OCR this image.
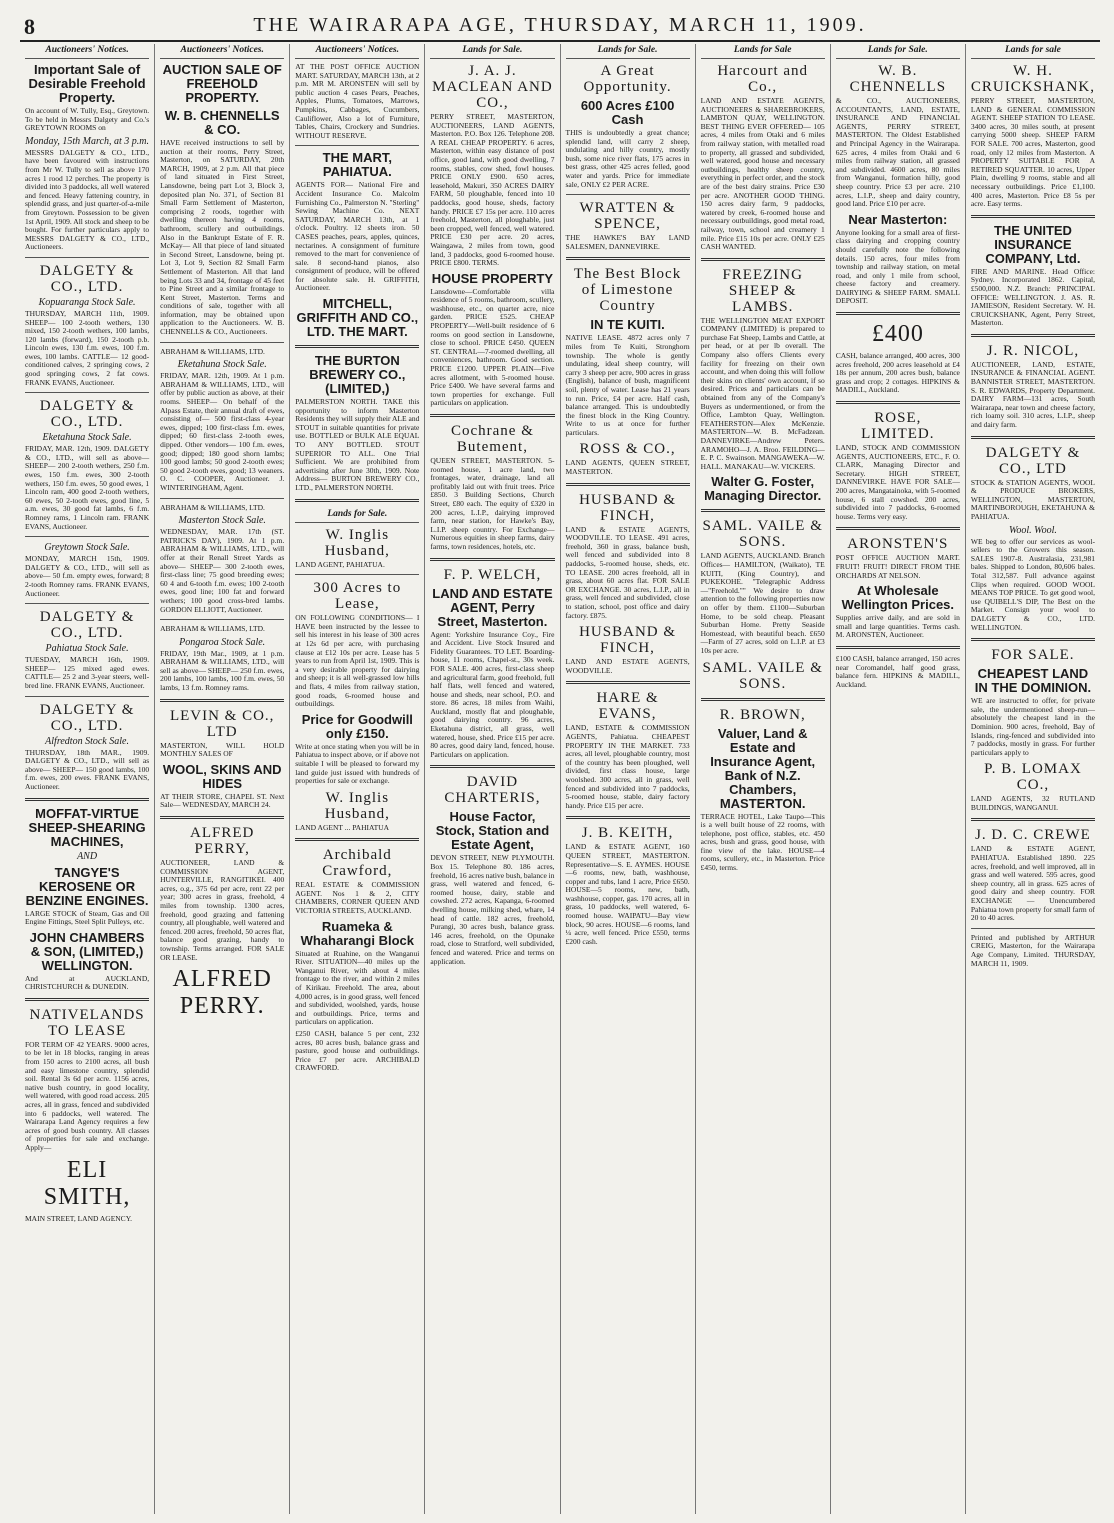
8	THE WAIRARAPA AGE, THURSDAY, MARCH 11, 1909.
Auctioneers' Notices.
Important Sale of Desirable Freehold Property.
On account of W. Tully, Esq., Greytown. To be held in Messrs Dalgety and Co.'s GREYTOWN ROOMS on
Monday, 15th March, at 3 p.m.
MESSRS DALGETY & CO., LTD., have been favoured with instructions from Mr W. Tully to sell as above 170 acres 1 rood 12 perches. The property is divided into 3 paddocks, all well watered and fenced. Heavy fattening country, in splendid grass, and just quarter-of-a-mile from Greytown. Possession to be given 1st April, 1909. All stock and sheep to be bought. For further particulars apply to MESSRS DALGETY & CO., LTD., Auctioneers.
DALGETY & CO., LTD.
Kopuaranga Stock Sale.
THURSDAY, MARCH 11th, 1909. SHEEP— 100 2-tooth wethers, 130 mixed, 150 2-tooth wethers, 100 lambs, 120 lambs (forward), 150 2-tooth p.b. Lincoln ewes, 130 f.m. ewes, 100 f.m. ewes, 100 lambs. CATTLE— 12 good-conditioned calves, 2 springing cows, 2 good springing cows, 2 fat cows. FRANK EVANS, Auctioneer.
DALGETY & CO., LTD.
Eketahuna Stock Sale.
FRIDAY, MAR. 12th, 1909. DALGETY & CO., LTD., will sell as above— SHEEP— 200 2-tooth wethers, 250 f.m. ewes, 150 f.m. ewes, 300 2-tooth wethers, 150 f.m. ewes, 50 good ewes, 1 Lincoln ram, 400 good 2-tooth wethers, 60 ewes, 50 2-tooth ewes, good line, 5 a.m. ewes, 30 good fat lambs, 6 f.m. Romney rams, 1 Lincoln ram. FRANK EVANS, Auctioneer.
Greytown Stock Sale.
MONDAY, MARCH 15th, 1909. DALGETY & CO., LTD., will sell as above— 50 f.m. empty ewes, forward; 8 2-tooth Romney rams. FRANK EVANS, Auctioneer.
DALGETY & CO., LTD.
Pahiatua Stock Sale.
TUESDAY, MARCH 16th, 1909. SHEEP— 125 mixed aged ewes. CATTLE— 25 2 and 3-year steers, well-bred line. FRANK EVANS, Auctioneer.
DALGETY & CO., LTD.
Alfredton Stock Sale.
THURSDAY, 18th MAR., 1909. DALGETY & CO., LTD., will sell as above— SHEEP— 150 good lambs, 100 f.m. ewes, 200 ewes. FRANK EVANS, Auctioneer.
MOFFAT-VIRTUE SHEEP-SHEARING MACHINES,
AND
TANGYE'S KEROSENE OR BENZINE ENGINES.
LARGE STOCK of Steam, Gas and Oil Engine Fittings, Steel Split Pulleys, etc.
JOHN CHAMBERS & SON, (LIMITED,) WELLINGTON.
And at AUCKLAND, CHRISTCHURCH & DUNEDIN.
NATIVELANDS TO LEASE
FOR TERM OF 42 YEARS. 9000 acres, to be let in 18 blocks, ranging in areas from 150 acres to 2100 acres, all bush and easy limestone country, splendid soil. Rental 3s 6d per acre. 1156 acres, native bush country, in good locality, well watered, with good road access. 205 acres, all in grass, fenced and subdivided into 6 paddocks, well watered. The Wairarapa Land Agency requires a few acres of good bush country. All classes of properties for sale and exchange. Apply—
ELI SMITH,
MAIN STREET, LAND AGENCY.
Auctioneers' Notices.
AUCTION SALE OF FREEHOLD PROPERTY.
W. B. CHENNELLS & CO.
HAVE received instructions to sell by auction at their rooms, Perry Street, Masterton, on SATURDAY, 20th MARCH, 1909, at 2 p.m. All that piece of land situated in First Street, Lansdowne, being part Lot 3, Block 3, deposited plan No. 371, of Section 81 Small Farm Settlement of Masterton, comprising 2 roods, together with dwelling thereon having 4 rooms, bathroom, scullery and outbuildings. Also in the Bankrupt Estate of F. R. McKay— All that piece of land situated in Second Street, Lansdowne, being pt. Lot 3, Lot 9, Section 82 Small Farm Settlement of Masterton. All that land being Lots 33 and 34, frontage of 45 feet to Pine Street and a similar frontage to Kent Street, Masterton. Terms and conditions of sale, together with all information, may be obtained upon application to the Auctioneers. W. B. CHENNELLS & CO., Auctioneers.
ABRAHAM & WILLIAMS, LTD.
Eketahuna Stock Sale.
FRIDAY, MAR. 12th, 1909. At 1 p.m. ABRAHAM & WILLIAMS, LTD., will offer by public auction as above, at their rooms. SHEEP— On behalf of the Alpass Estate, their annual draft of ewes, consisting of— 500 first-class 4-year ewes, dipped; 100 first-class f.m. ewes, dipped; 60 first-class 2-tooth ewes, dipped. Other vendors— 100 f.m. ewes, good; dipped; 180 good shorn lambs; 100 good lambs; 50 good 2-tooth ewes; 50 good 2-tooth ewes, good; 13 weaners. O. C. COOPER, Auctioneer. J. WINTERINGHAM, Agent.
ABRAHAM & WILLIAMS, LTD.
Masterton Stock Sale.
WEDNESDAY, MAR. 17th (ST. PATRICK'S DAY), 1909. At 1 p.m. ABRAHAM & WILLIAMS, LTD., will offer at their Renall Street Yards as above— SHEEP— 300 2-tooth ewes, first-class line; 75 good breeding ewes; 60 4 and 6-tooth f.m. ewes; 100 2-tooth ewes, good line; 100 fat and forward wethers; 100 good cross-bred lambs. GORDON ELLIOTT, Auctioneer.
ABRAHAM & WILLIAMS, LTD.
Pongaroa Stock Sale.
FRIDAY, 19th Mar., 1909, at 1 p.m. ABRAHAM & WILLIAMS, LTD., will sell as above— SHEEP— 250 f.m. ewes, 200 lambs, 100 lambs, 100 f.m. ewes, 50 lambs, 13 f.m. Romney rams.
LEVIN & CO., LTD
MASTERTON, WILL HOLD MONTHLY SALES OF
WOOL, SKINS AND HIDES
AT THEIR STORE, CHAPEL ST. Next Sale— WEDNESDAY, MARCH 24.
ALFRED PERRY,
AUCTIONEER, LAND & COMMISSION AGENT, HUNTERVILLE, RANGITIKEI. 400 acres, o.g., 375 6d per acre, rent 22 per year; 300 acres in grass, freehold, 4 miles from township. 1300 acres, freehold, good grazing and fattening country, all ploughable, well watered and fenced. 200 acres, freehold, 50 acres flat, balance good grazing, handy to township. Terms arranged. FOR SALE OR LEASE.
ALFRED PERRY.
Auctioneers' Notices.
AT THE POST OFFICE AUCTION MART. SATURDAY, MARCH 13th, at 2 p.m. MR M. ARONSTEN will sell by public auction 4 cases Pears, Peaches, Apples, Plums, Tomatoes, Marrows, Pumpkins, Cabbages, Cucumbers, Cauliflower, Also a lot of Furniture, Tables, Chairs, Crockery and Sundries. WITHOUT RESERVE.
THE MART, PAHIATUA.
AGENTS FOR— National Fire and Accident Insurance Co. Malcolm Furnishing Co., Palmerston N. "Sterling" Sewing Machine Co. NEXT SATURDAY, MARCH 13th, at 1 o'clock. Poultry. 12 sheets iron. 50 CASES peaches, pears, apples, quinces, nectarines. A consignment of furniture removed to the mart for convenience of sale. 8 second-hand pianos, also consignment of produce, will be offered for absolute sale. H. GRIFFITH, Auctioneer.
MITCHELL, GRIFFITH AND CO., LTD. THE MART.
THE BURTON BREWERY CO., (LIMITED,)
PALMERSTON NORTH. TAKE this opportunity to inform Masterton Residents they will supply their ALE and STOUT in suitable quantities for private use. BOTTLED or BULK ALE EQUAL TO ANY BOTTLED. STOUT SUPERIOR TO ALL. One Trial Sufficient. We are prohibited from advertising after June 30th, 1909. Note Address— BURTON BREWERY CO., LTD., PALMERSTON NORTH.
Lands for Sale.
W. Inglis Husband,
LAND AGENT, PAHIATUA.
300 Acres to Lease,
ON FOLLOWING CONDITIONS— I HAVE been instructed by the lessee to sell his interest in his lease of 300 acres at 12s 6d per acre, with purchasing clause at £12 10s per acre. Lease has 5 years to run from April 1st, 1909. This is a very desirable property for dairying and sheep; it is all well-grassed low hills and flats, 4 miles from railway station, good roads, 6-roomed house and outbuildings.
Price for Goodwill only £150.
Write at once stating when you will be in Pahiatua to inspect above, or if above not suitable I will be pleased to forward my land guide just issued with hundreds of properties for sale or exchange.
W. Inglis Husband,
LAND AGENT ... PAHIATUA
Archibald Crawford,
REAL ESTATE & COMMISSION AGENT. Nos 1 & 2, CITY CHAMBERS, CORNER QUEEN AND VICTORIA STREETS, AUCKLAND.
Ruameka & Whaharangi Block
Situated at Ruahine, on the Wanganui River. SITUATION—40 miles up the Wanganui River, with about 4 miles frontage to the river, and within 2 miles of Kirikau. Freehold. The area, about 4,000 acres, is in good grass, well fenced and subdivided, woolshed, yards, house and outbuildings. Price, terms and particulars on application.
£250 CASH, balance 5 per cent, 232 acres, 80 acres bush, balance grass and pasture, good house and outbuildings. Price £7 per acre. ARCHIBALD CRAWFORD.
Lands for Sale.
J. A. J. MACLEAN AND CO.,
PERRY STREET, MASTERTON, AUCTIONEERS, LAND AGENTS, Masterton. P.O. Box 126. Telephone 208. A REAL CHEAP PROPERTY. 6 acres, Masterton, within easy distance of post office, good land, with good dwelling, 7 rooms, stables, cow shed, fowl houses. PRICE ONLY £900. 650 acres, leasehold, Makuri, 350 ACRES DAIRY FARM, 50 ploughable, fenced into 10 paddocks, good house, sheds, factory handy. PRICE £7 15s per acre. 110 acres freehold, Masterton, all ploughable, just been cropped, well fenced, well watered. PRICE £30 per acre. 20 acres, Waingawa, 2 miles from town, good land, 3 paddocks, good 6-roomed house. PRICE £800. TERMS.
HOUSE PROPERTY
Lansdowne—Comfortable villa residence of 5 rooms, bathroom, scullery, washhouse, etc., on quarter acre, nice garden. PRICE £525. CHEAP PROPERTY—Well-built residence of 6 rooms on good section in Lansdowne, close to school. PRICE £450. QUEEN ST. CENTRAL—7-roomed dwelling, all conveniences, bathroom. Good section. PRICE £1200. UPPER PLAIN—Five acres allotment, with 5-roomed house. Price £400. We have several farms and town properties for exchange. Full particulars on application.
Cochrane & Butement,
QUEEN STREET, MASTERTON. 5-roomed house, 1 acre land, two frontages, water, drainage, land all profitably laid out with fruit trees. Price £850. 3 Building Sections, Church Street, £80 each. The equity of £320 in 200 acres, L.I.P., dairying improved farm, near station, for Hawke's Bay, L.I.P. sheep country. For Exchange—Numerous equities in sheep farms, dairy farms, town residences, hotels, etc.
F. P. WELCH,
LAND AND ESTATE AGENT, Perry Street, Masterton.
Agent: Yorkshire Insurance Coy., Fire and Accident. Live Stock Insured and Fidelity Guarantees. TO LET. Boarding-house, 11 rooms, Chapel-st., 30s week. FOR SALE. 400 acres, first-class sheep and agricultural farm, good freehold, full half flats, well fenced and watered, house and sheds, near school, P.O. and store. 86 acres, 18 miles from Waihi, Auckland, mostly flat and ploughable, good dairying country. 96 acres, Eketahuna district, all grass, well watered, house, shed. Price £15 per acre. 80 acres, good dairy land, fenced, house. Particulars on application.
DAVID CHARTERIS,
House Factor, Stock, Station and Estate Agent,
DEVON STREET, NEW PLYMOUTH. Box 15. Telephone 80. 186 acres, freehold, 16 acres native bush, balance in grass, well watered and fenced, 6-roomed house, dairy, stable and cowshed. 272 acres, Kapanga, 6-roomed dwelling house, milking shed, whare, 14 head of cattle. 182 acres, freehold, Purangi, 30 acres bush, balance grass. 146 acres, freehold, on the Opunake road, close to Stratford, well subdivided, fenced and watered. Price and terms on application.
Lands for Sale.
A Great Opportunity.
600 Acres £100 Cash
THIS is undoubtedly a great chance; splendid land, will carry 2 sheep, undulating and hilly country, mostly bush, some nice river flats, 175 acres in best grass, other 425 acres felled, good water and yards. Price for immediate sale, ONLY £2 PER ACRE.
WRATTEN & SPENCE,
THE HAWKE'S BAY LAND SALESMEN, DANNEVIRKE.
The Best Block of Limestone Country
IN TE KUITI.
NATIVE LEASE. 4872 acres only 7 miles from Te Kuiti, Stronghorn township. The whole is gently undulating, ideal sheep country, will carry 3 sheep per acre, 900 acres in grass (English), balance of bush, magnificent soil, plenty of water. Lease has 21 years to run. Price, £4 per acre. Half cash, balance arranged. This is undoubtedly the finest block in the King Country. Write to us at once for further particulars.
ROSS & CO.,
LAND AGENTS, QUEEN STREET, MASTERTON.
HUSBAND & FINCH,
LAND & ESTATE AGENTS, WOODVILLE. TO LEASE. 491 acres, freehold, 360 in grass, balance bush, well fenced and subdivided into 8 paddocks, 5-roomed house, sheds, etc. TO LEASE. 200 acres freehold, all in grass, about 60 acres flat. FOR SALE OR EXCHANGE. 30 acres, L.I.P., all in grass, well fenced and subdivided, close to station, school, post office and dairy factory. £875.
HUSBAND & FINCH,
LAND AND ESTATE AGENTS, WOODVILLE.
HARE & EVANS,
LAND, ESTATE & COMMISSION AGENTS, Pahiatua. CHEAPEST PROPERTY IN THE MARKET. 733 acres, all level, ploughable country, most of the country has been ploughed, well divided, first class house, large woolshed. 300 acres, all in grass, well fenced and subdivided into 7 paddocks, 5-roomed house, stable, dairy factory handy. Price £15 per acre.
J. B. KEITH,
LAND & ESTATE AGENT, 160 QUEEN STREET, MASTERTON. Representative—S. E. AYMES. HOUSE—6 rooms, new, bath, washhouse, copper and tubs, land 1 acre, Price £650. HOUSE—5 rooms, new, bath, washhouse, copper, gas. 170 acres, all in grass, 10 paddocks, well watered, 6-roomed house. WAIPATU—Bay view block, 90 acres. HOUSE—6 rooms, land ¼ acre, well fenced. Price £550, terms £200 cash.
Lands for Sale
Harcourt and Co.,
LAND AND ESTATE AGENTS, AUCTIONEERS & SHAREBROKERS, LAMBTON QUAY, WELLINGTON. BEST THING EVER OFFERED— 105 acres, 4 miles from Otaki and 6 miles from railway station, with metalled road to property, all grassed and subdivided, well watered, good house and necessary outbuildings, healthy sheep country, everything in perfect order, and the stock are of the best dairy strains. Price £30 per acre. ANOTHER GOOD THING. 150 acres dairy farm, 9 paddocks, watered by creek, 6-roomed house and necessary outbuildings, good metal road, railway, town, school and creamery 1 mile. Price £15 10s per acre. ONLY £25 CASH WANTED.
FREEZING SHEEP & LAMBS.
THE WELLINGTON MEAT EXPORT COMPANY (LIMITED) is prepared to purchase Fat Sheep, Lambs and Cattle, at per head, or at per lb overall. The Company also offers Clients every facility for freezing on their own account, and when doing this will follow their skins on clients' own account, if so desired. Prices and particulars can be obtained from any of the Company's Buyers as undermentioned, or from the Office, Lambton Quay, Wellington. FEATHERSTON—Alex McKenzie. MASTERTON—W. B. McFadzean. DANNEVIRKE—Andrew Peters. ARAMOHO—J. A. Broo. FEILDING—E. P. C. Swainson. MANGAWEKA—W. HALL. MANAKAU—W. VICKERS.
Walter G. Foster, Managing Director.
SAML. VAILE & SONS.
LAND AGENTS, AUCKLAND. Branch Offices— HAMILTON, (Waikato), TE KUITI, (King Country), and PUKEKOHE. "Telegraphic Address—"Freehold."" We desire to draw attention to the following properties now on offer by them. £1100—Suburban Home, to be sold cheap. Pleasant Suburban Home. Pretty Seaside Homestead, with beautiful beach. £650—Farm of 27 acres, sold on L.I.P. at £3 10s per acre.
SAML. VAILE & SONS.
R. BROWN,
Valuer, Land & Estate and Insurance Agent, Bank of N.Z. Chambers, MASTERTON.
TERRACE HOTEL, Lake Taupo—This is a well built house of 22 rooms, with telephone, post office, stables, etc. 450 acres, bush and grass, good house, with fine view of the lake. HOUSE—4 rooms, scullery, etc., in Masterton. Price £450, terms.
Lands for Sale.
W. B. CHENNELLS
& CO., AUCTIONEERS, ACCOUNTANTS, LAND, ESTATE, INSURANCE AND FINANCIAL AGENTS, PERRY STREET, MASTERTON. The Oldest Established and Principal Agency in the Wairarapa. 625 acres, 4 miles from Otaki and 6 miles from railway station, all grassed and subdivided. 4600 acres, 80 miles from Wanganui, formation hilly, good sheep country. Price £3 per acre. 210 acres, L.I.P., sheep and dairy country, good land. Price £10 per acre.
Near Masterton:
Anyone looking for a small area of first-class dairying and cropping country should carefully note the following details. 150 acres, four miles from township and railway station, on metal road, and only 1 mile from school, cheese factory and creamery. DAIRYING & SHEEP FARM. SMALL DEPOSIT.
£400
CASH, balance arranged, 400 acres, 300 acres freehold, 200 acres leasehold at £4 18s per annum, 200 acres bush, balance grass and crop; 2 cottages. HIPKINS & MADILL, Auckland.
ROSE, LIMITED.
LAND, STOCK AND COMMISSION AGENTS, AUCTIONEERS, ETC., F. O. CLARK, Managing Director and Secretary. HIGH STREET, DANNEVIRKE. HAVE FOR SALE— 200 acres, Mangatainoka, with 5-roomed house, 6 stall cowshed. 200 acres, subdivided into 7 paddocks, 6-roomed house. Terms very easy.
ARONSTEN'S
POST OFFICE AUCTION MART. FRUIT! FRUIT! DIRECT FROM THE ORCHARDS AT NELSON.
At Wholesale Wellington Prices.
Supplies arrive daily, and are sold in small and large quantities. Terms cash. M. ARONSTEN, Auctioneer.
£100 CASH, balance arranged, 150 acres near Coromandel, half good grass, balance fern. HIPKINS & MADILL, Auckland.
Lands for sale
W. H. CRUICKSHANK,
PERRY STREET, MASTERTON, LAND & GENERAL COMMISSION AGENT. SHEEP STATION TO LEASE. 3400 acres, 30 miles south, at present carrying 5000 sheep. SHEEP FARM FOR SALE. 700 acres, Masterton, good road, only 12 miles from Masterton. A PROPERTY SUITABLE FOR A RETIRED SQUATTER. 10 acres, Upper Plain, dwelling 9 rooms, stable and all necessary outbuildings. Price £1,100. 400 acres, Masterton. Price £8 5s per acre. Easy terms.
THE UNITED INSURANCE COMPANY, Ltd.
FIRE AND MARINE. Head Office: Sydney. Incorporated 1862. Capital, £500,000. N.Z. Branch: PRINCIPAL OFFICE: WELLINGTON. J. AS. R. JAMIESON, Resident Secretary. W. H. CRUICKSHANK, Agent, Perry Street, Masterton.
J. R. NICOL,
AUCTIONEER, LAND, ESTATE, INSURANCE & FINANCIAL AGENT. BANNISTER STREET, MASTERTON. S. R. EDWARDS, Property Department. DAIRY FARM—131 acres, South Wairarapa, near town and cheese factory, rich loamy soil. 310 acres, L.I.P., sheep and dairy farm.
DALGETY & CO., LTD
STOCK & STATION AGENTS, WOOL & PRODUCE BROKERS, WELLINGTON, MASTERTON, MARTINBOROUGH, EKETAHUNA & PAHIATUA.
Wool. Wool.
WE beg to offer our services as wool-sellers to the Growers this season. SALES 1907-8. Australasia, 231,981 bales. Shipped to London, 80,606 bales. Total 312,587. Full advance against Clips when required. GOOD WOOL MEANS TOP PRICE. To get good wool, use QUIBELL'S DIP, The Best on the Market. Consign your wool to DALGETY & CO., LTD. WELLINGTON.
FOR SALE.
CHEAPEST LAND IN THE DOMINION.
WE are instructed to offer, for private sale, the undermentioned sheep-run—absolutely the cheapest land in the Dominion. 900 acres, freehold, Bay of Islands, ring-fenced and subdivided into 7 paddocks, mostly in grass. For further particulars apply to
P. B. LOMAX CO.,
LAND AGENTS, 32 RUTLAND BUILDINGS, WANGANUI.
J. D. C. CREWE
LAND & ESTATE AGENT, PAHIATUA. Established 1890. 225 acres, freehold, and well improved, all in grass and well watered. 595 acres, good sheep country, all in grass. 625 acres of good dairy and sheep country. FOR EXCHANGE — Unencumbered Pahiatua town property for small farm of 20 to 40 acres.
Printed and published by ARTHUR CREIG, Masterton, for the Wairarapa Age Company, Limited. THURSDAY, MARCH 11, 1909.
